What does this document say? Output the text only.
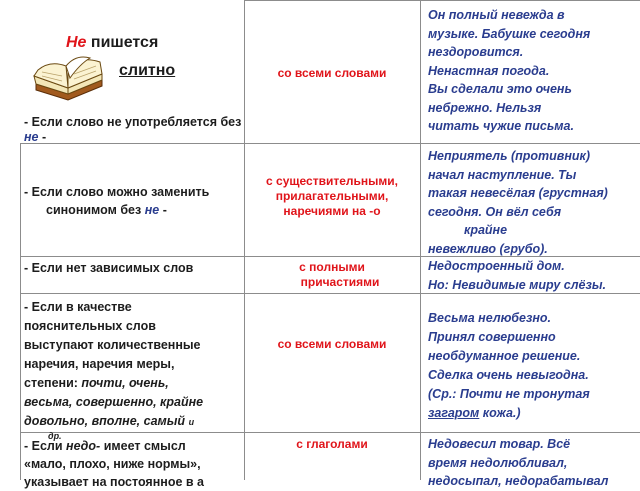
Не пишется
слитно
- Если слово не употребляется без не -
со всеми словами

Он полный невежда в

музыке. Бабушке сегодня

нездоровится.

Ненастная погода.

Вы сделали это очень

небрежно. Нельзя

читать чужие письма.

- Если слово можно заменить
синонимом без не -
с существительными,
прилагательными,
наречиями на -о

Неприятель (противник)

начал наступление. Ты

такая невесёлая (грустная)

сегодня. Он вёл себя

крайне

невежливо (грубо).

- Если нет зависимых слов	с полными
причастиями

Недостроенный дом.

Но: Невидимые миру слёзы.

- Если в качестве
пояснительных слов
выступают количественные
наречия, наречия меры,
степени: почти, очень,
весьма, совершенно, крайне
довольно, вполне, самый и
др.
со всеми словами

Весьма нелюбезно.

Принял совершенно

необдуманное решение.

Сделка очень невыгодна.

(Ср.: Почти не тронутая

загаром кожа.)

- Если недо- имеет смысл
«мало, плохо, ниже нормы»,
указывает на постоянное в а
с глаголами	Недовесил товар. Всё

время недолюбливал,

недосыпал, недорабатывал
